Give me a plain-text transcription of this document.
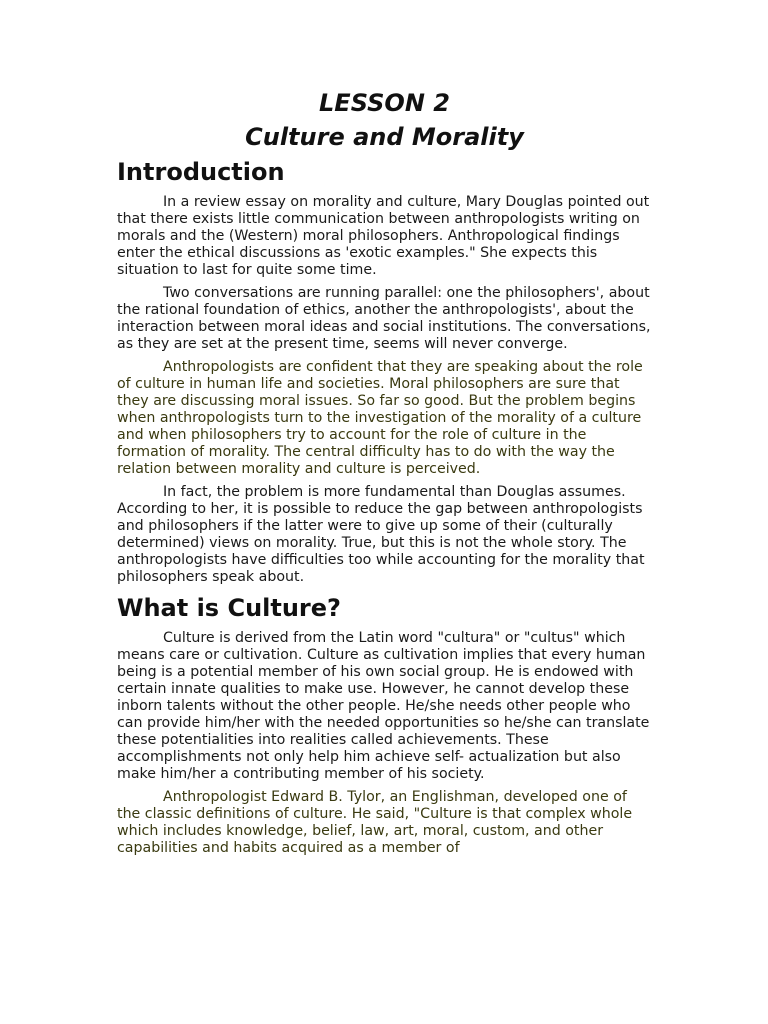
LESSON 2
Culture and Morality
Introduction

In a review essay on morality and culture, Mary Douglas pointed out that there exists little communication between anthropologists writing on morals and the (Western) moral philosophers. Anthropological findings enter the ethical discussions as 'exotic examples." She expects this situation to last for quite some time.

Two conversations are running parallel: one the philosophers', about the rational foundation of ethics, another the anthropologists', about the interaction between moral ideas and social institutions. The conversations, as they are set at the present time, seems will never converge.

Anthropologists are confident that they are speaking about the role of culture in human life and societies. Moral philosophers are sure that they are discussing moral issues. So far so good. But the problem begins when anthropologists turn to the investigation of the morality of a culture and when philosophers try to account for the role of culture in the formation of morality. The central difficulty has to do with the way the relation between morality and culture is perceived.

In fact, the problem is more fundamental than Douglas assumes. According to her, it is possible to reduce the gap between anthropologists and philosophers if the latter were to give up some of their (culturally determined) views on morality. True, but this is not the whole story. The anthropologists have difficulties too while accounting for the morality that philosophers speak about.

What is Culture?

Culture is derived from the Latin word "cultura" or "cultus" which means care or cultivation. Culture as cultivation implies that every human being is a potential member of his own social group. He is endowed with certain innate qualities to make use. However, he cannot develop these inborn talents without the other people. He/she needs other people who can provide him/her with the needed opportunities so he/she can translate these potentialities into realities called achievements. These accomplishments not only help him achieve self- actualization but also make him/her a contributing member of his society.

Anthropologist Edward B. Tylor, an Englishman, developed one of the classic definitions of culture. He said, "Culture is that complex whole which includes knowledge, belief, law, art, moral, custom, and other capabilities and habits acquired as a member of
